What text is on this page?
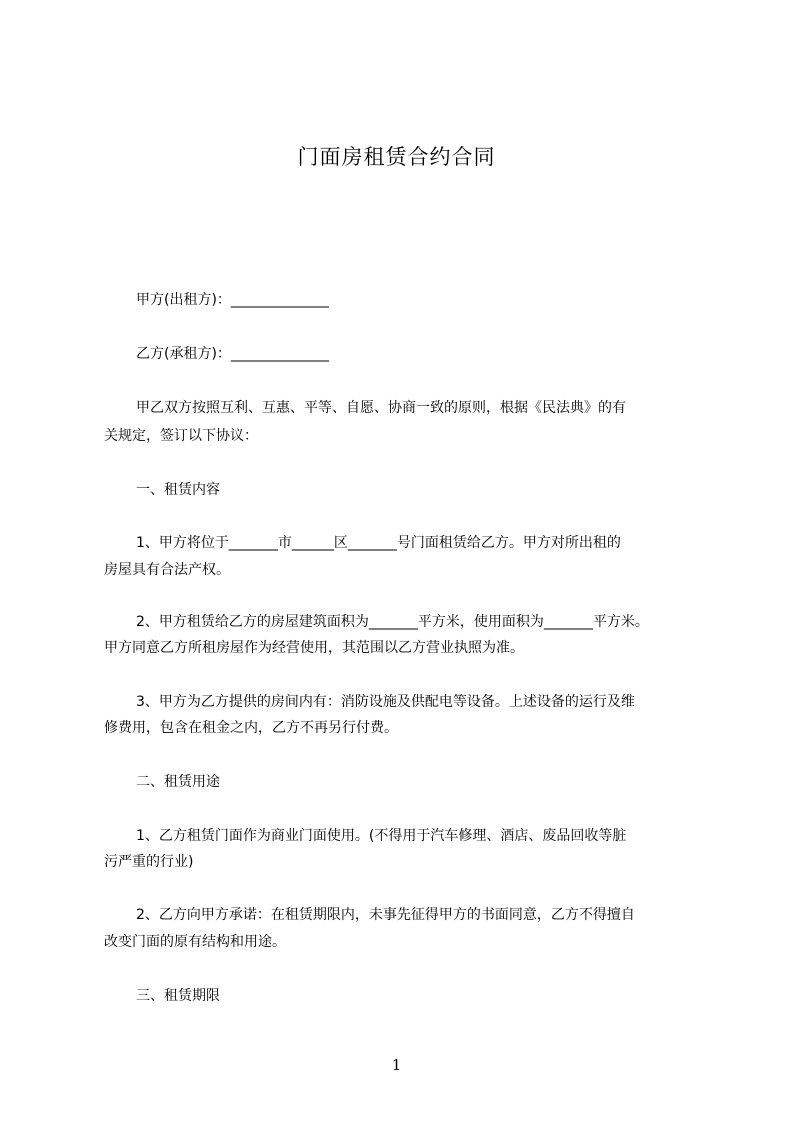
门面房租赁合约合同
甲方(出租方)：______________
乙方(承租方)：______________
甲乙双方按照互利、互惠、平等、自愿、协商一致的原则，根据《民法典》的有
关规定，签订以下协议：
一、租赁内容
1、甲方将位于_______市______区_______号门面租赁给乙方。甲方对所出租的
房屋具有合法产权。
2、甲方租赁给乙方的房屋建筑面积为_______平方米，使用面积为_______平方米。
甲方同意乙方所租房屋作为经营使用，其范围以乙方营业执照为准。
3、甲方为乙方提供的房间内有：消防设施及供配电等设备。上述设备的运行及维
修费用，包含在租金之内，乙方不再另行付费。
二、租赁用途
1、乙方租赁门面作为商业门面使用。(不得用于汽车修理、酒店、废品回收等脏
污严重的行业)
2、乙方向甲方承诺：在租赁期限内，未事先征得甲方的书面同意，乙方不得擅自
改变门面的原有结构和用途。
三、租赁期限
1
